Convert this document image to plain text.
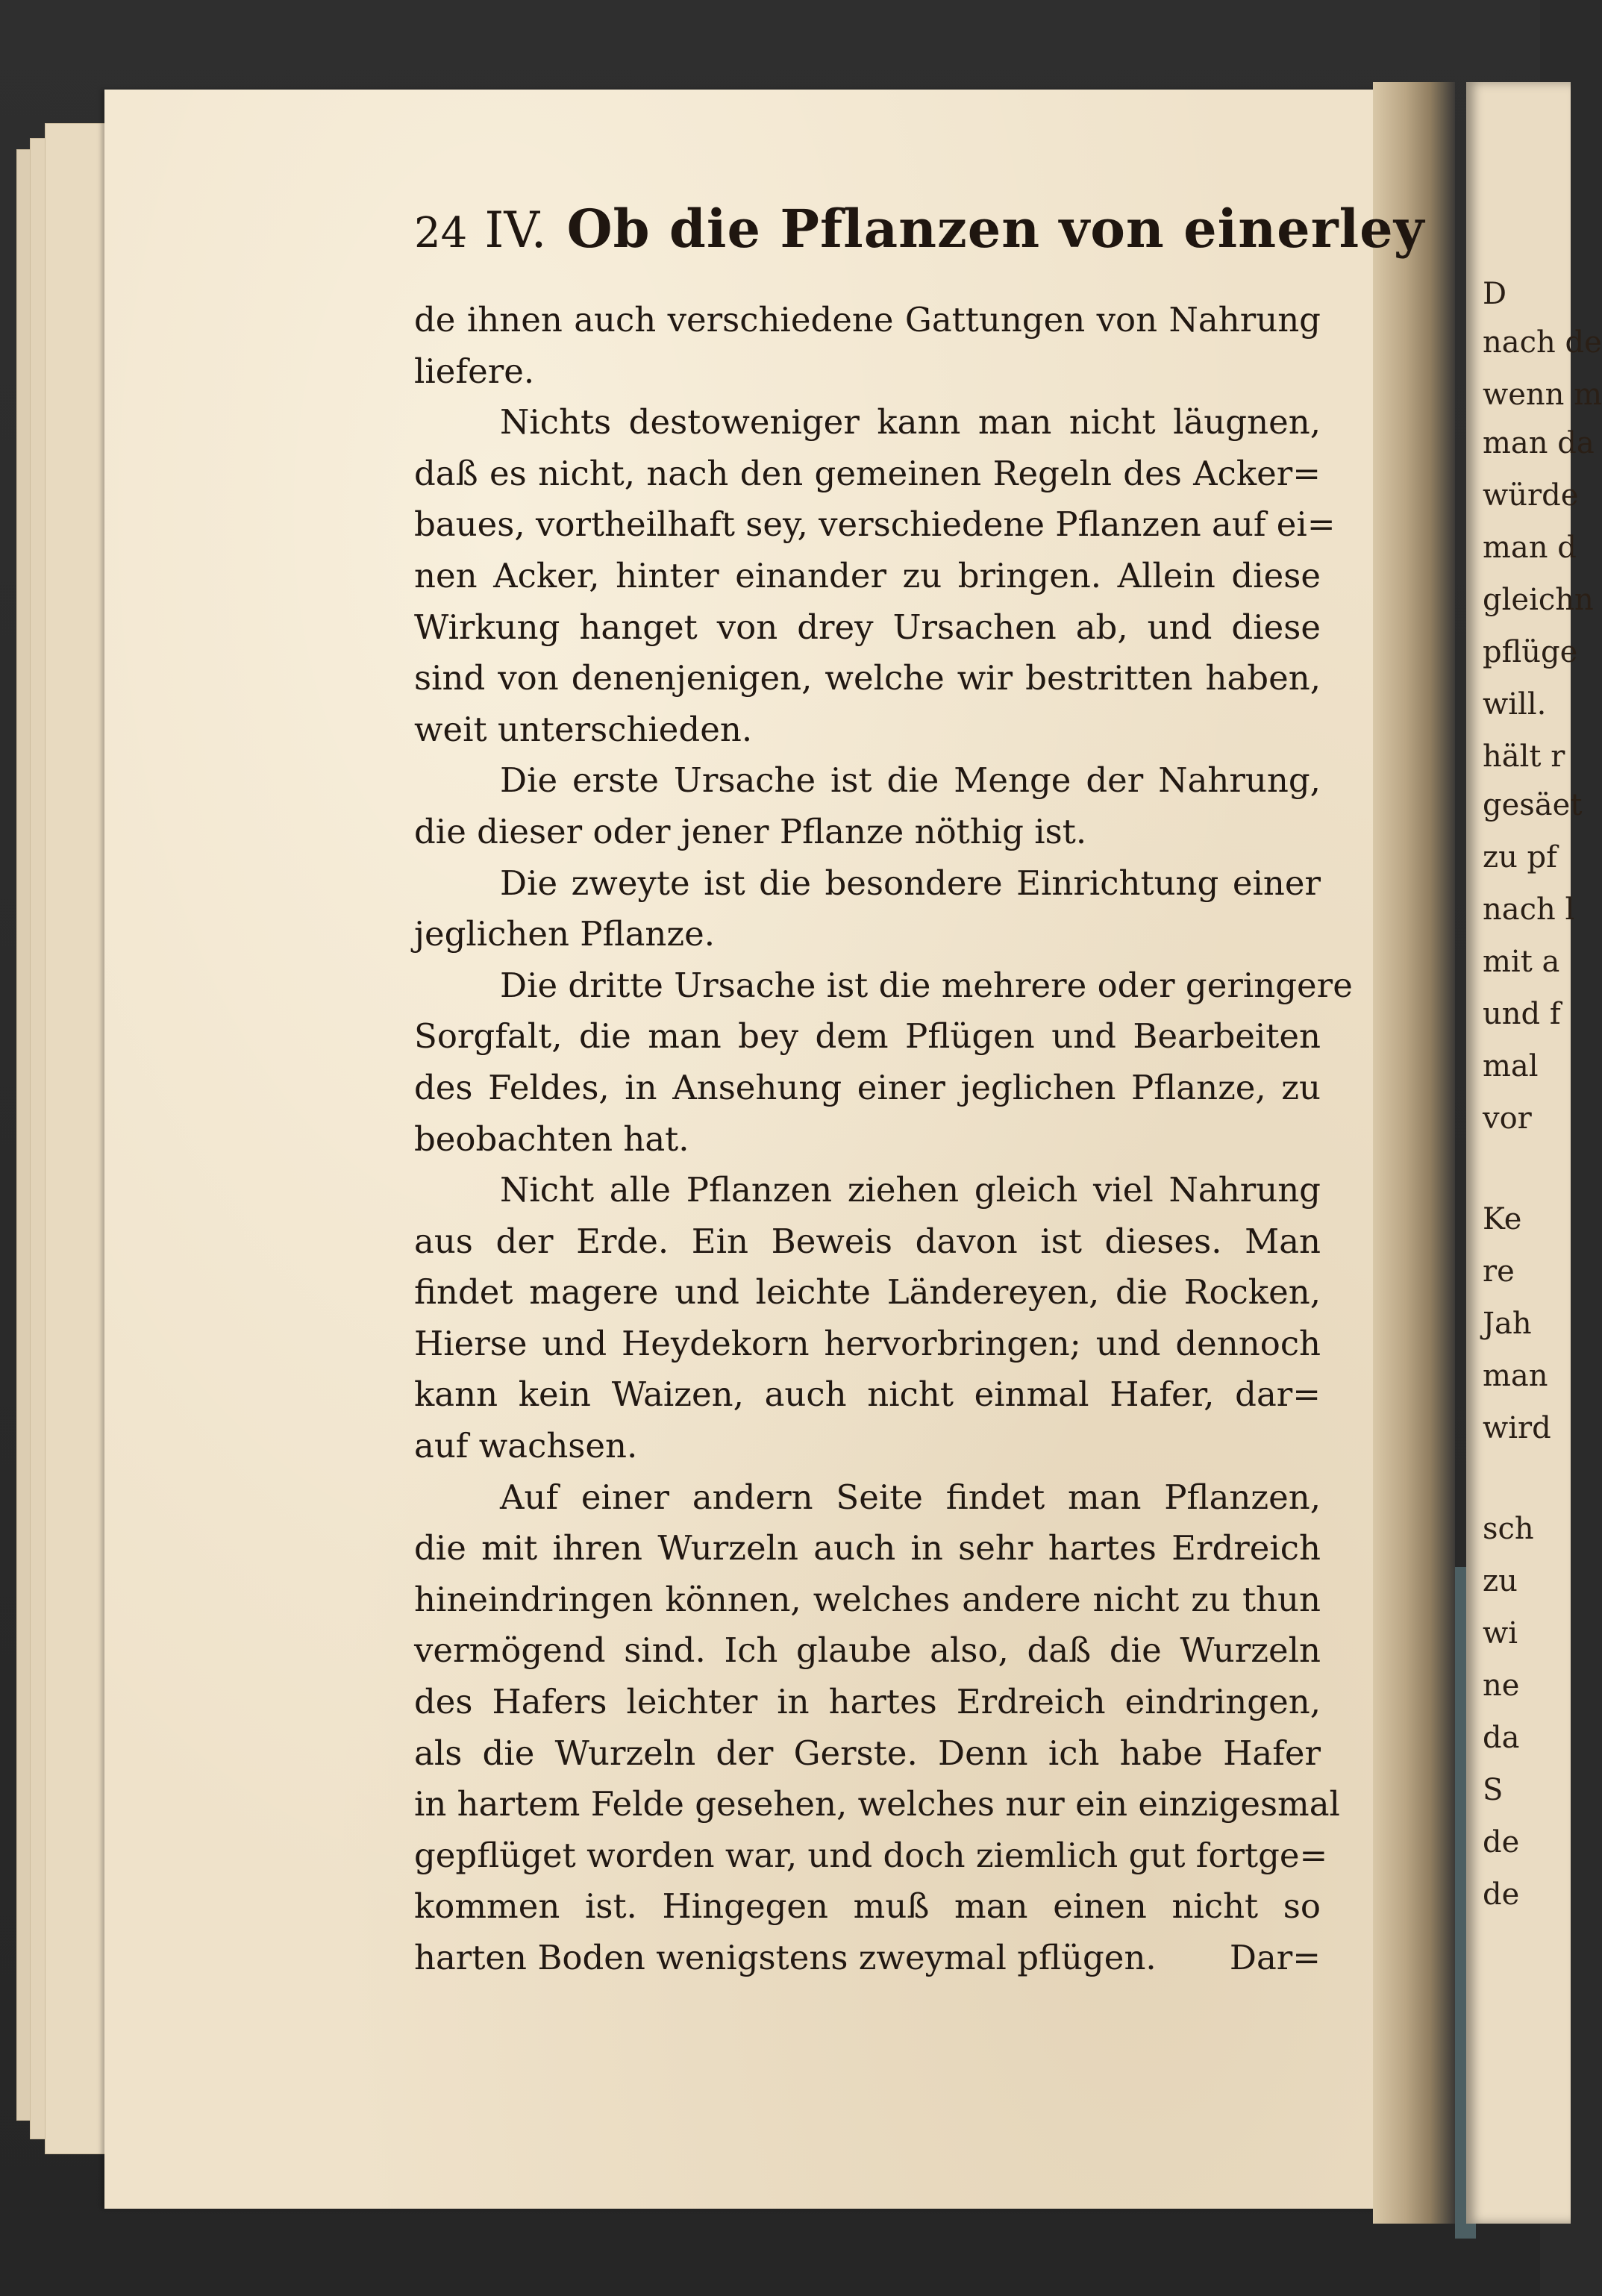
D
nach de
wenn m
man da
würde
man d
gleichn
pflüge
will.
hält r
gesäet
zu pf
nach l
mit a
und f
mal
vor
Ke
re
Jah
man
wird
sch
zu
wi
ne
da
S
de
de
24 IV. Ob die Pflanzen von einerley
de ihnen auch verschiedene Gattungen von Nahrung
liefere.
Nichts destoweniger kann man nicht läugnen,
daß es nicht, nach den gemeinen Regeln des Acker=
baues, vortheilhaft sey, verschiedene Pflanzen auf ei=
nen Acker, hinter einander zu bringen. Allein diese
Wirkung hanget von drey Ursachen ab, und diese
sind von denenjenigen, welche wir bestritten haben,
weit unterschieden.
Die erste Ursache ist die Menge der Nahrung,
die dieser oder jener Pflanze nöthig ist.
Die zweyte ist die besondere Einrichtung einer
jeglichen Pflanze.
Die dritte Ursache ist die mehrere oder geringere
Sorgfalt, die man bey dem Pflügen und Bearbeiten
des Feldes, in Ansehung einer jeglichen Pflanze, zu
beobachten hat.
Nicht alle Pflanzen ziehen gleich viel Nahrung
aus der Erde. Ein Beweis davon ist dieses. Man
findet magere und leichte Ländereyen, die Rocken,
Hierse und Heydekorn hervorbringen; und dennoch
kann kein Waizen, auch nicht einmal Hafer, dar=
auf wachsen.
Auf einer andern Seite findet man Pflanzen,
die mit ihren Wurzeln auch in sehr hartes Erdreich
hineindringen können, welches andere nicht zu thun
vermögend sind. Ich glaube also, daß die Wurzeln
des Hafers leichter in hartes Erdreich eindringen,
als die Wurzeln der Gerste. Denn ich habe Hafer
in hartem Felde gesehen, welches nur ein einzigesmal
gepflüget worden war, und doch ziemlich gut fortge=
kommen ist. Hingegen muß man einen nicht so
harten Boden wenigstens zweymal pflügen. Dar=
